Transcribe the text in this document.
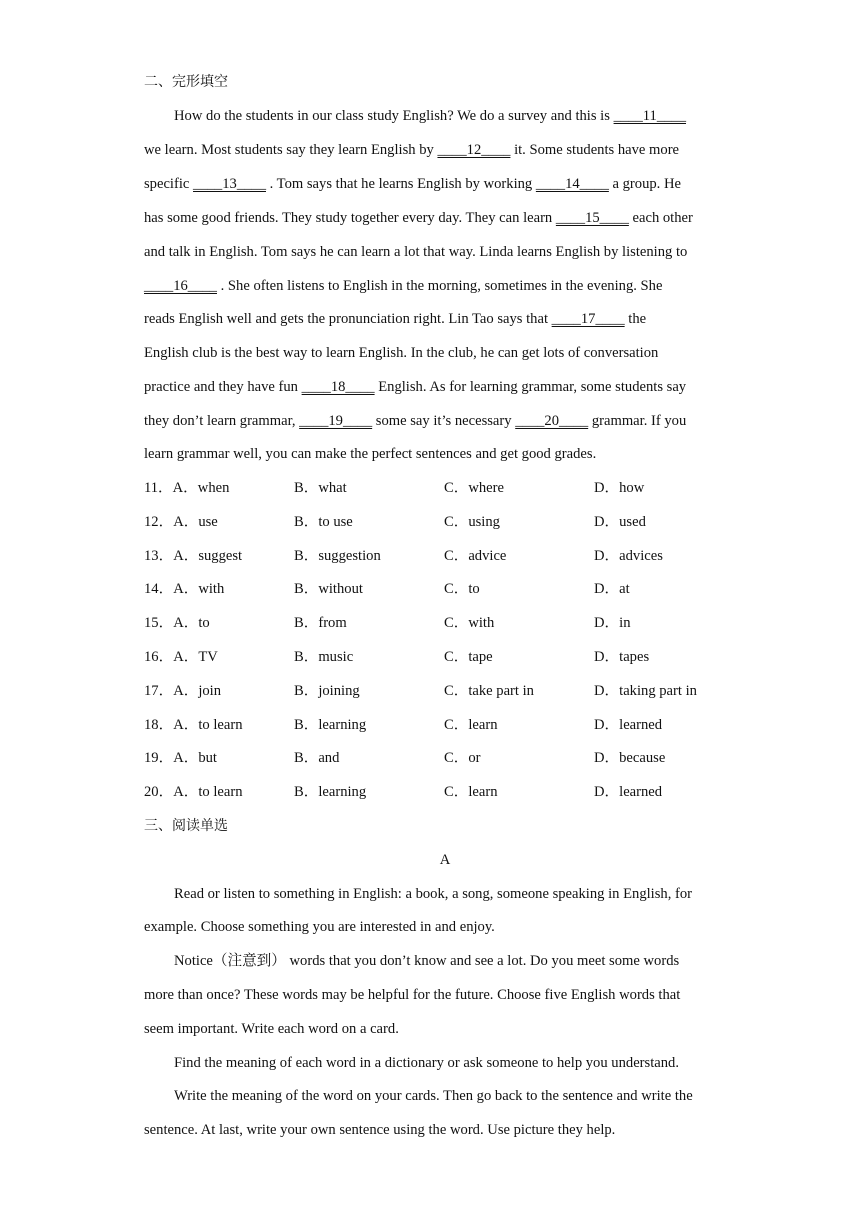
二、完形填空
How do the students in our class study English? We do a survey and this is ____11____
we learn. Most students say they learn English by ____12____ it. Some students have more
specific ____13____ . Tom says that he learns English by working ____14____ a group. He
has some good friends. They study together every day. They can learn ____15____ each other
and talk in English. Tom says he can learn a lot that way. Linda learns English by listening to
____16____ . She often listens to English in the morning, sometimes in the evening. She
reads English well and gets the pronunciation right. Lin Tao says that ____17____ the
English club is the best way to learn English. In the club, he can get lots of conversation
practice and they have fun ____18____ English. As for learning grammar, some students say
they don’t learn grammar, ____19____ some say it’s necessary ____20____ grammar. If you
learn grammar well, you can make the perfect sentences and get good grades.
11．A．when	B．what	C．where	D．how
12．A．use	B．to use	C．using	D．used
13．A．suggest	B．suggestion	C．advice	D．advices
14．A．with	B．without	C．to	D．at
15．A．to	B．from	C．with	D．in
16．A．TV	B．music	C．tape	D．tapes
17．A．join	B．joining	C．take part in	D．taking part in
18．A．to learn	B．learning	C．learn	D．learned
19．A．but	B．and	C．or	D．because
20．A．to learn	B．learning	C．learn	D．learned
三、阅读单选
A
Read or listen to something in English: a book, a song, someone speaking in English, for
example. Choose something you are interested in and enjoy.
Notice（注意到） words that you don’t know and see a lot. Do you meet some words
more than once? These words may be helpful for the future. Choose five English words that
seem important. Write each word on a card.
Find the meaning of each word in a dictionary or ask someone to help you understand.
Write the meaning of the word on your cards. Then go back to the sentence and write the
sentence. At last, write your own sentence using the word. Use picture they help.
